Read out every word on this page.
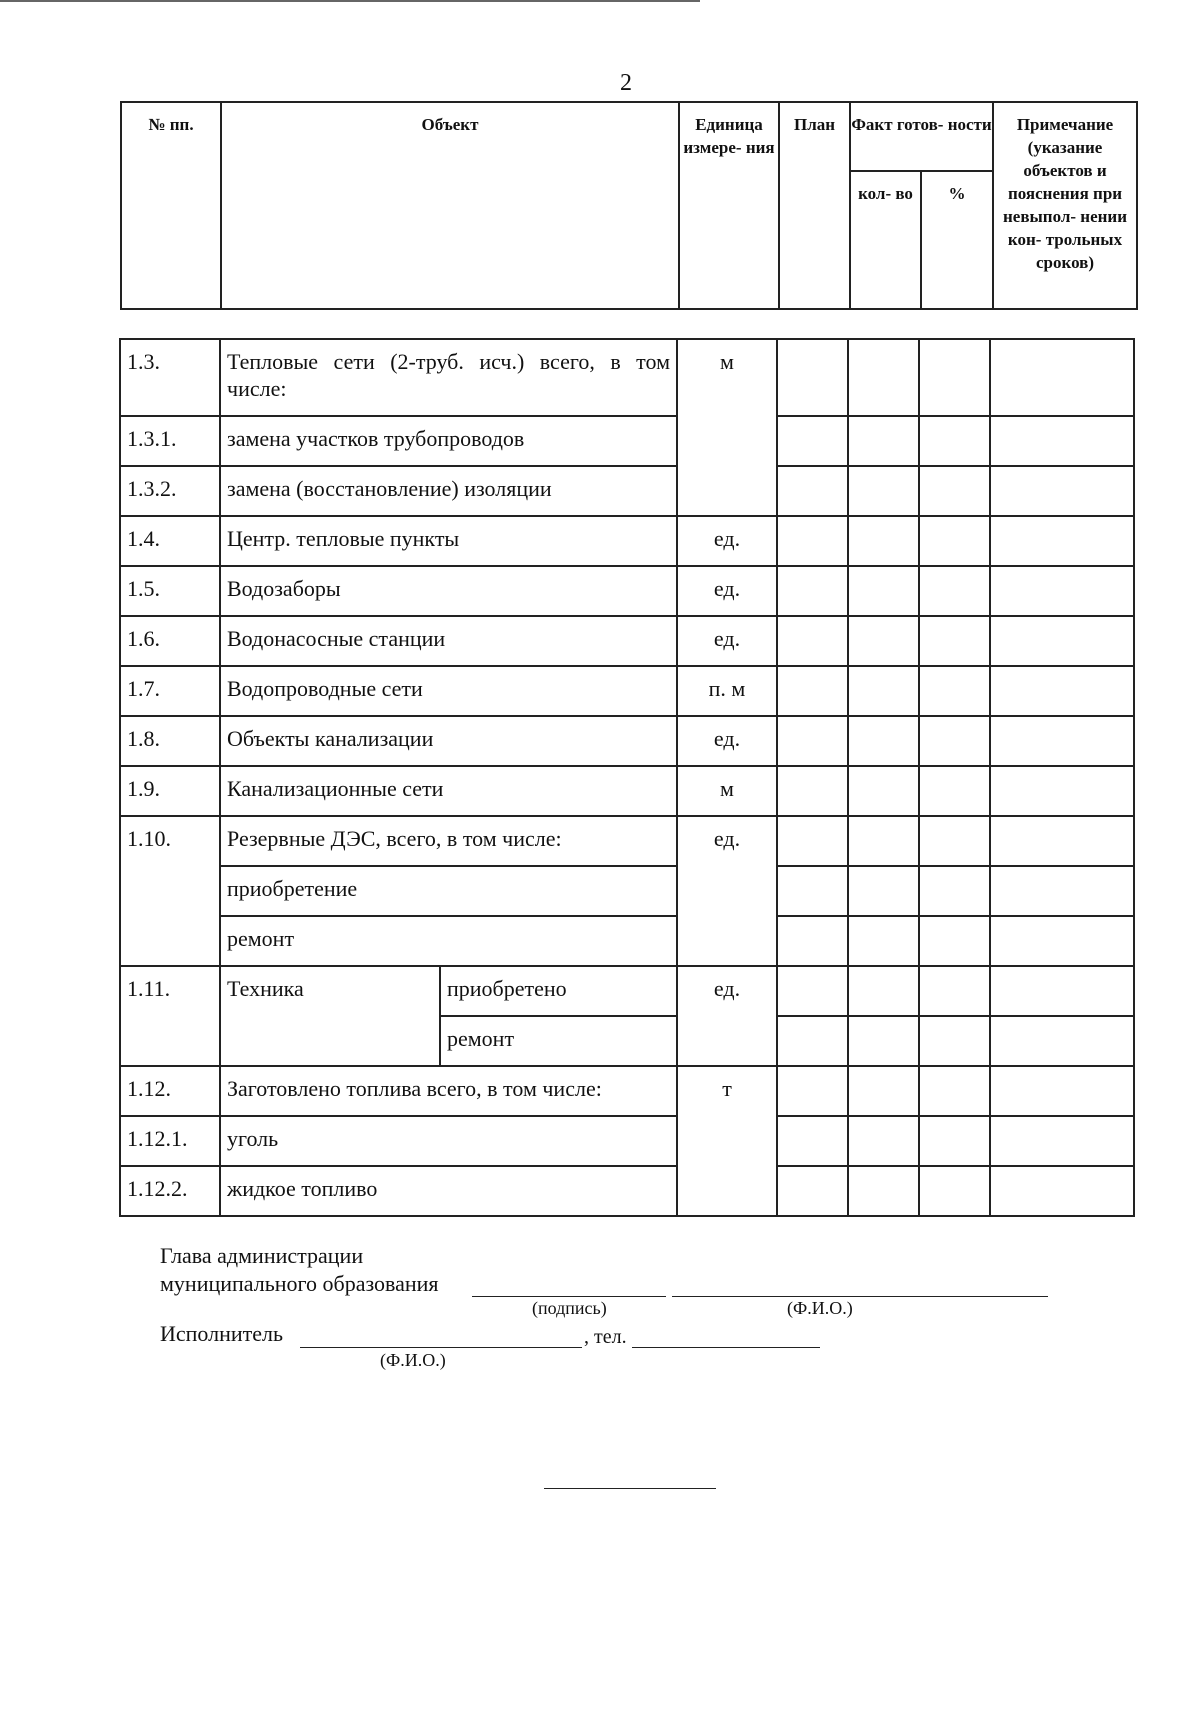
2
№ пп.	Объект	Единица измере- ния	План	Факт готов- ности		Примечание (указание объектов и пояснения при невыпол- нении кон- трольных сроков)
				кол- во	%	
1.3.	Тепловые сети (2-труб. исч.) всего, в том числе:		м				
1.3.1.	замена участков трубопроводов						
1.3.2.	замена (восстановление) изоляции						
1.4.	Центр. тепловые пункты		ед.				
1.5.	Водозаборы		ед.				
1.6.	Водонасосные станции		ед.				
1.7.	Водопроводные сети		п. м				
1.8.	Объекты канализации		ед.				
1.9.	Канализационные сети		м				
1.10.	Резервные ДЭС, всего, в том числе:		ед.				
	приобретение						
	ремонт						
1.11.	Техника	приобретено	ед.				
		ремонт					
1.12.	Заготовлено топлива всего, в том числе:		т				
1.12.1.	уголь						
1.12.2.	жидкое топливо						
Глава администрации
муниципального образования
(подпись)	(Ф.И.О.)
Исполнитель	, тел.
(Ф.И.О.)
